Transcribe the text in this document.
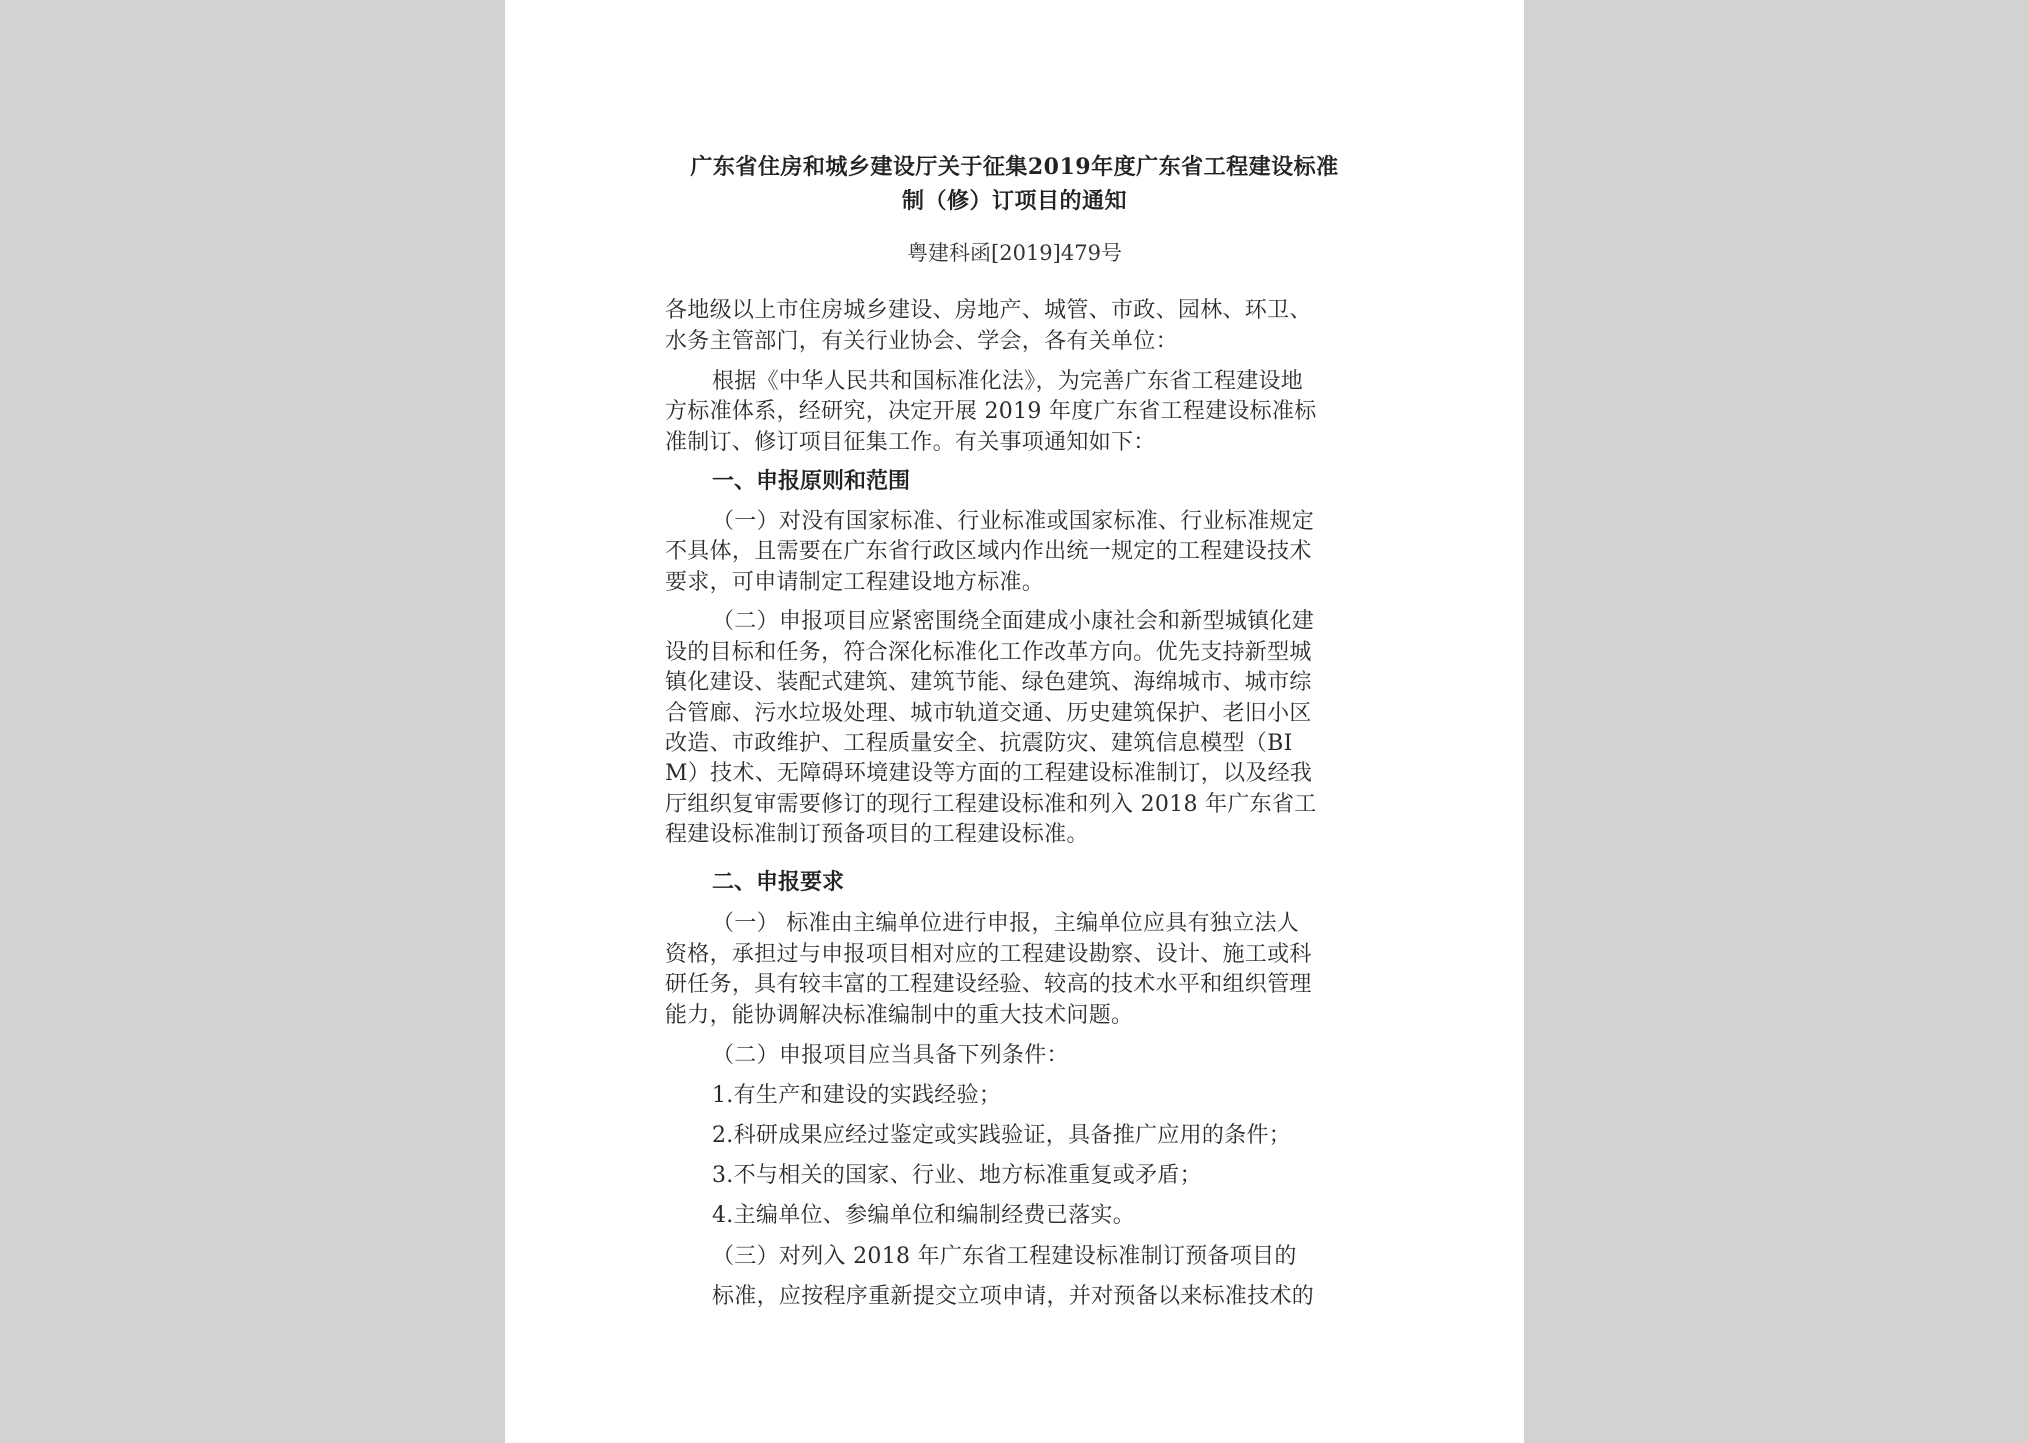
广东省住房和城乡建设厅关于征集2019年度广东省工程建设标准
制（修）订项目的通知
粤建科函[2019]479号
各地级以上市住房城乡建设、房地产、城管、市政、园林、环卫、
水务主管部门，有关行业协会、学会，各有关单位：
根据《中华人民共和国标准化法》，为完善广东省工程建设地
方标准体系，经研究，决定开展 2019 年度广东省工程建设标准标
准制订、修订项目征集工作。有关事项通知如下：
一、申报原则和范围
（一）对没有国家标准、行业标准或国家标准、行业标准规定
不具体，且需要在广东省行政区域内作出统一规定的工程建设技术
要求，可申请制定工程建设地方标准。
（二）申报项目应紧密围绕全面建成小康社会和新型城镇化建
设的目标和任务，符合深化标准化工作改革方向。优先支持新型城
镇化建设、装配式建筑、建筑节能、绿色建筑、海绵城市、城市综
合管廊、污水垃圾处理、城市轨道交通、历史建筑保护、老旧小区
改造、市政维护、工程质量安全、抗震防灾、建筑信息模型（BI
M）技术、无障碍环境建设等方面的工程建设标准制订，以及经我
厅组织复审需要修订的现行工程建设标准和列入 2018 年广东省工
程建设标准制订预备项目的工程建设标准。
二、申报要求
（一） 标准由主编单位进行申报，主编单位应具有独立法人
资格，承担过与申报项目相对应的工程建设勘察、设计、施工或科
研任务，具有较丰富的工程建设经验、较高的技术水平和组织管理
能力，能协调解决标准编制中的重大技术问题。
（二）申报项目应当具备下列条件：
1.有生产和建设的实践经验；
2.科研成果应经过鉴定或实践验证，具备推广应用的条件；
3.不与相关的国家、行业、地方标准重复或矛盾；
4.主编单位、参编单位和编制经费已落实。
（三）对列入 2018 年广东省工程建设标准制订预备项目的
标准，应按程序重新提交立项申请，并对预备以来标准技术的
